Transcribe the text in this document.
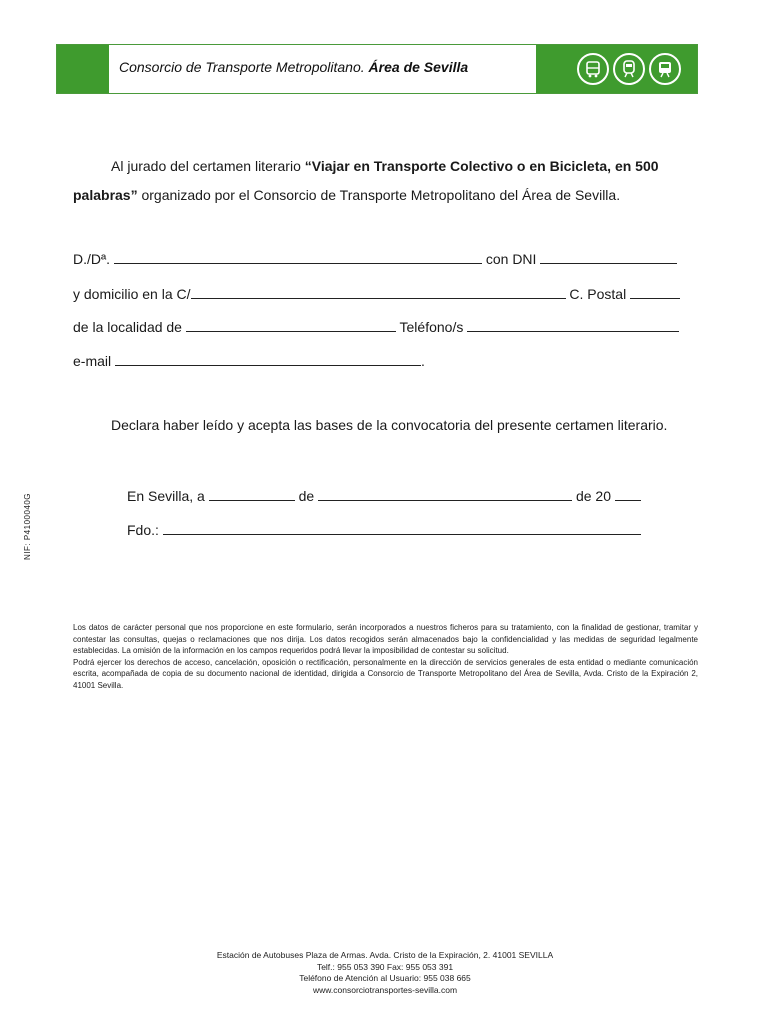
Consorcio de Transporte Metropolitano. Área de Sevilla
Al jurado del certamen literario “Viajar en Transporte Colectivo o en Bicicleta, en 500 palabras” organizado por el Consorcio de Transporte Metropolitano del Área de Sevilla.
D./Dª.	con DNI
y domicilio en la C/	C. Postal
de la localidad de	Teléfono/s
e-mail	.
Declara haber leído y acepta las bases de la convocatoria del presente certamen literario.
En Sevilla, a	de	de 20
Fdo.:
NIF: P4100040G

Los datos de carácter personal que nos proporcione en este formulario, serán incorporados a nuestros ficheros para su tratamiento, con la finalidad de gestionar, tramitar y contestar las consultas, quejas o reclamaciones que nos dirija. Los datos recogidos serán almacenados bajo la confidencialidad y las medidas de seguridad legalmente establecidas. La omisión de la información en los campos requeridos podrá llevar la imposibilidad de contestar su solicitud.

Podrá ejercer los derechos de acceso, cancelación, oposición o rectificación, personalmente en la dirección de servicios generales de esta entidad o mediante comunicación escrita, acompañada de copia de su documento nacional de identidad, dirigida a Consorcio de Transporte Metropolitano del Área de Sevilla, Avda. Cristo de la Expiración 2, 41001 Sevilla.

Estación de Autobuses Plaza de Armas. Avda. Cristo de la Expiración, 2. 41001 SEVILLA
Telf.: 955 053 390 Fax: 955 053 391
Teléfono de Atención al Usuario: 955 038 665
www.consorciotransportes-sevilla.com
